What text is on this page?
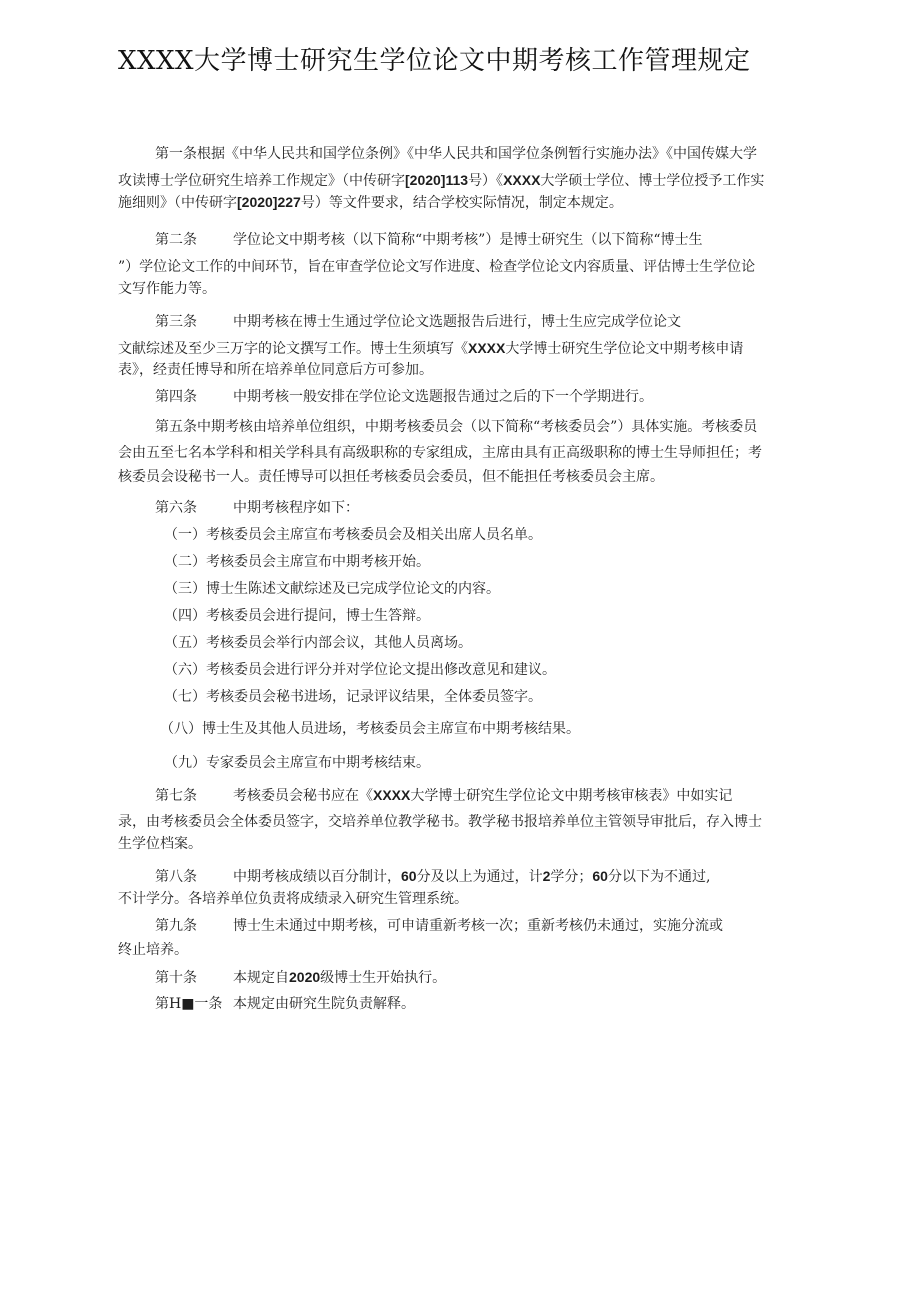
XXXX大学博士研究生学位论文中期考核工作管理规定
第一条根据《中华人民共和国学位条例》《中华人民共和国学位条例暂行实施办法》《中国传媒大学
攻读博士学位研究生培养工作规定》（中传研字[2020]113号）《XXXX大学硕士学位、博士学位授予工作实
施细则》（中传研字[2020]227号）等文件要求，结合学校实际情况，制定本规定。
第二条	学位论文中期考核（以下简称“中期考核”）是博士研究生（以下简称“博士生
”）学位论文工作的中间环节，旨在审查学位论文写作进度、检查学位论文内容质量、评估博士生学位论
文写作能力等。
第三条	中期考核在博士生通过学位论文选题报告后进行，博士生应完成学位论文
文献综述及至少三万字的论文撰写工作。博士生须填写《XXXX大学博士研究生学位论文中期考核申请
表》，经责任博导和所在培养单位同意后方可参加。
第四条	中期考核一般安排在学位论文选题报告通过之后的下一个学期进行。
第五条中期考核由培养单位组织，中期考核委员会（以下简称“考核委员会”）具体实施。考核委员
会由五至七名本学科和相关学科具有高级职称的专家组成，主席由具有正高级职称的博士生导师担任；考
核委员会设秘书一人。责任博导可以担任考核委员会委员，但不能担任考核委员会主席。
第六条	中期考核程序如下：
（一）考核委员会主席宣布考核委员会及相关出席人员名单。
（二）考核委员会主席宣布中期考核开始。
（三）博士生陈述文献综述及已完成学位论文的内容。
（四）考核委员会进行提问，博士生答辩。
（五）考核委员会举行内部会议，其他人员离场。
（六）考核委员会进行评分并对学位论文提出修改意见和建议。
（七）考核委员会秘书进场，记录评议结果，全体委员签字。
（八）博士生及其他人员进场，考核委员会主席宣布中期考核结果。
（九）专家委员会主席宣布中期考核结束。
第七条	考核委员会秘书应在《XXXX大学博士研究生学位论文中期考核审核表》中如实记
录，由考核委员会全体委员签字，交培养单位教学秘书。教学秘书报培养单位主管领导审批后，存入博士
生学位档案。
第八条	中期考核成绩以百分制计，60分及以上为通过，计2学分；60分以下为不通过,
不计学分。各培养单位负责将成绩录入研究生管理系统。
第九条	博士生未通过中期考核，可申请重新考核一次；重新考核仍未通过，实施分流或
终止培养。
第十条	本规定自2020级博士生开始执行。
第H■一条 本规定由研究生院负责解释。
